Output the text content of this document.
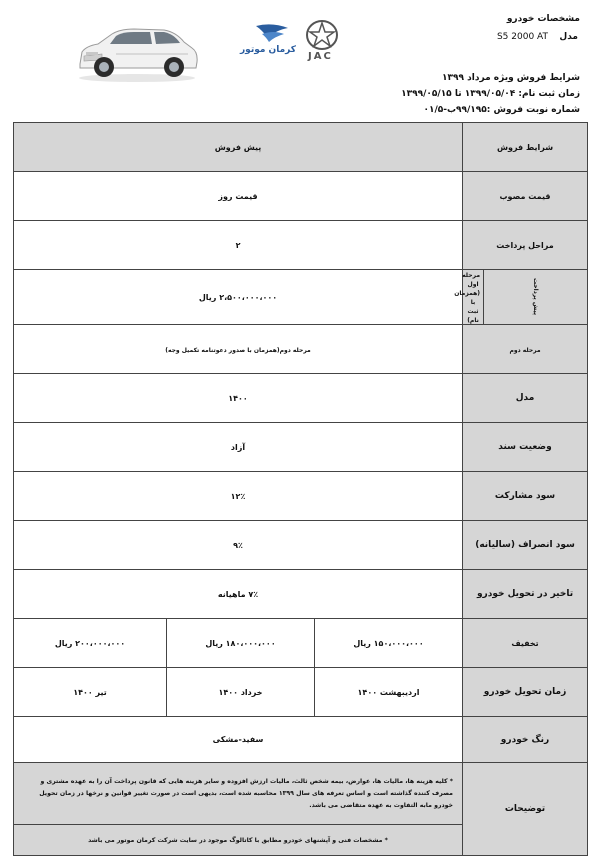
کرمان موتور
JAC
مشخصات خودرو
مدل
S5 2000 AT
شرایط فروش ویژه مرداد ۱۳۹۹
زمان ثبت نام: ۱۳۹۹/۰۵/۰۴ تا ۱۳۹۹/۰۵/۱۵
شماره نوبت فروش :۹۹/۱۹۵ب-۰۱/۵
شرایط فروش		پیش فروش		
قیمت مصوب		قیمت روز		
مراحل پرداخت		۲		

پیش پرداخت	مرحله اول (همزمان با ثبت نام)	۲،۵۰۰،۰۰۰،۰۰۰ ریال		
مرحله دوم		مرحله دوم(همزمان با صدور دعوتنامه تکمیل وجه)		
مدل		۱۴۰۰		
وضعیت سند		آزاد		
سود مشارکت		۱۲٪		
سود انصراف (سالیانه)		۹٪		
تاخیر در تحویل خودرو		۷٪ ماهیانه		
تخفیف		۱۵۰،۰۰۰،۰۰۰ ریال	۱۸۰،۰۰۰،۰۰۰ ریال	۲۰۰،۰۰۰،۰۰۰ ریال
زمان تحویل خودرو		اردیبهشت ۱۴۰۰	خرداد ۱۴۰۰	تیر ۱۴۰۰
رنگ خودرو		سفید-مشکی		
توضیحات		* کلیه هزینه ها، مالیات ها، عوارض، بیمه شخص ثالث، مالیات ارزش افزوده و سایر هزینه هایی که قانون پرداخت آن را به عهده مشتری و مصرف کننده گذاشته است و اساس تعرفه های سال ۱۳۹۹ محاسبه شده است، بدیهی است در صورت تغییر قوانین و نرخها در زمان تحویل خودرو مابه التفاوت به عهده متقاضی می باشد.		

		* مشخصات فنی و آپشنهای خودرو مطابق با کاتالوگ موجود در سایت شرکت کرمان موتور می باشد		
